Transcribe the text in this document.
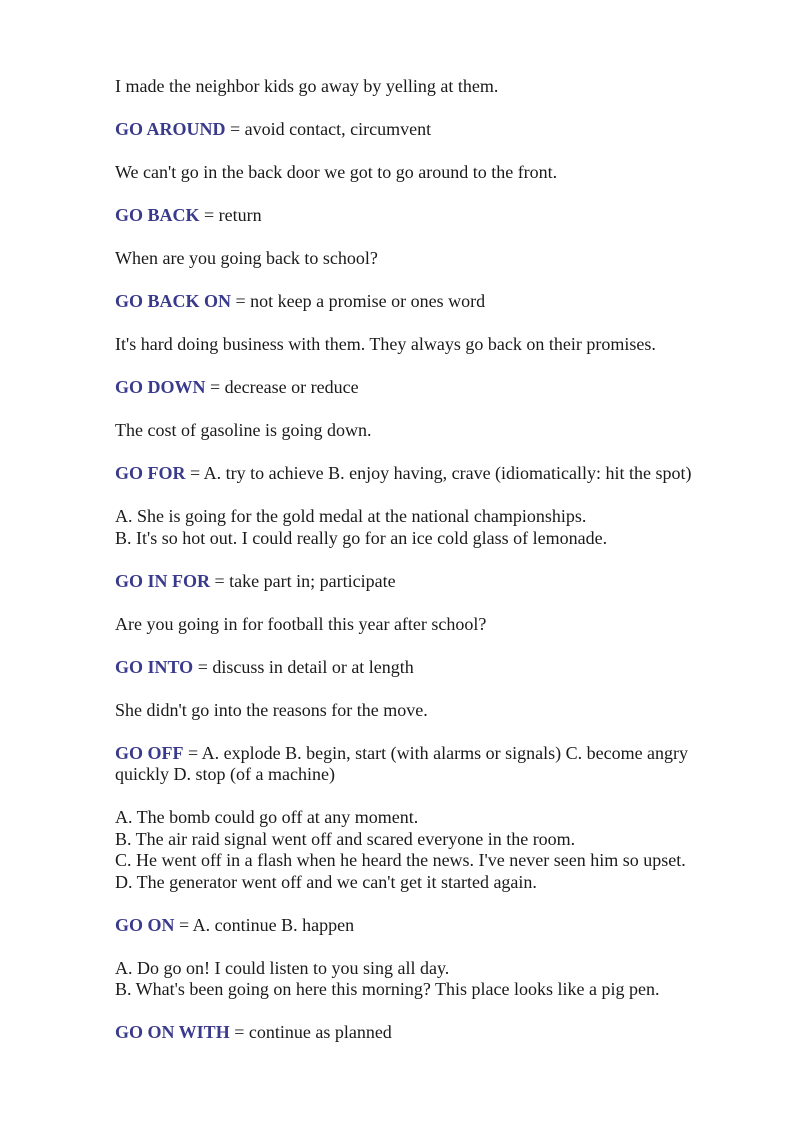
I made the neighbor kids go away by yelling at them.

GO AROUND = avoid contact, circumvent

We can't go in the back door we got to go around to the front.

GO BACK = return

When are you going back to school?

GO BACK ON = not keep a promise or ones word

It's hard doing business with them. They always go back on their promises.

GO DOWN = decrease or reduce

The cost of gasoline is going down.

GO FOR = A. try to achieve B. enjoy having, crave (idiomatically: hit the spot)

A. She is going for the gold medal at the national championships.
B. It's so hot out. I could really go for an ice cold glass of lemonade.

GO IN FOR = take part in; participate

Are you going in for football this year after school?

GO INTO = discuss in detail or at length

She didn't go into the reasons for the move.

GO OFF = A. explode B. begin, start (with alarms or signals) C. become angry
quickly D. stop (of a machine)

A. The bomb could go off at any moment.
B. The air raid signal went off and scared everyone in the room.
C. He went off in a flash when he heard the news. I've never seen him so upset.
D. The generator went off and we can't get it started again.

GO ON = A. continue B. happen

A. Do go on! I could listen to you sing all day.
B. What's been going on here this morning? This place looks like a pig pen.

GO ON WITH = continue as planned
